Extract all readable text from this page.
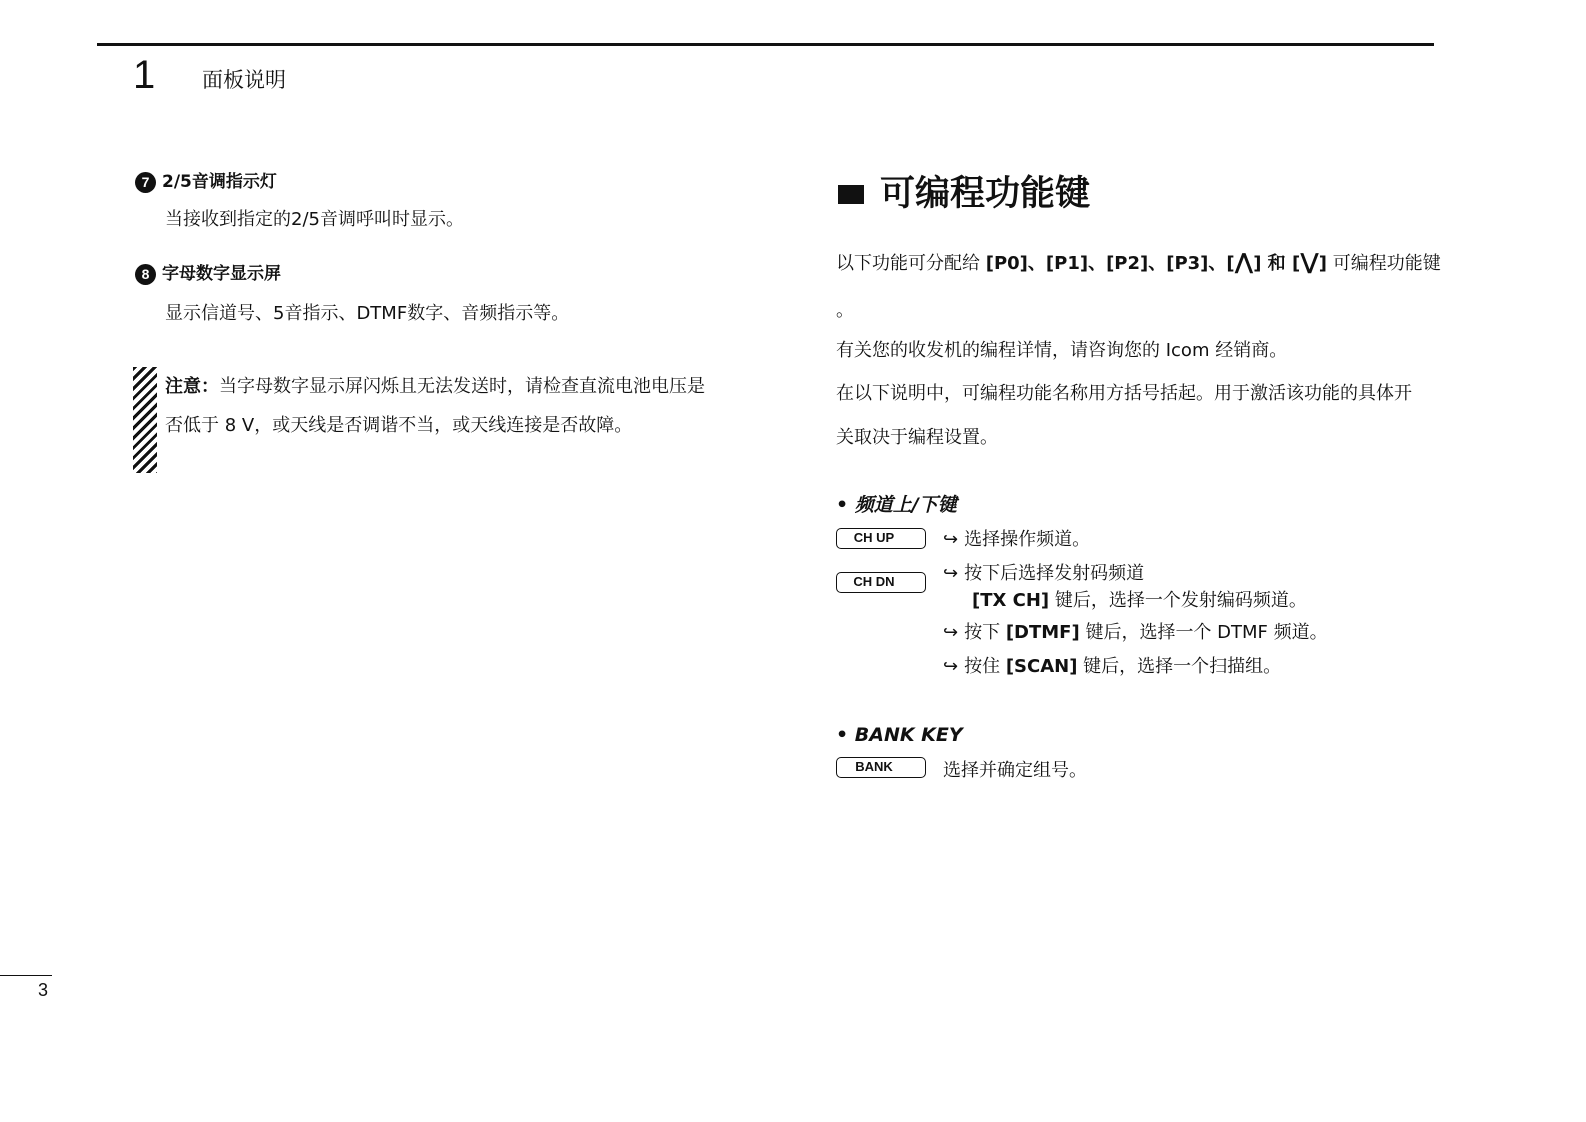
1 面板说明
7 2/5音调指示灯
当接收到指定的2/5音调呼叫时显示。
8 字母数字显示屏
显示信道号、5音指示、DTMF数字、音频指示等。
注意：当字母数字显示屏闪烁且无法发送时，请检查直流电池电压是
否低于 8 V，或天线是否调谐不当，或天线连接是否故障。
可编程功能键
以下功能可分配给 [P0]、[P1]、[P2]、[P3]、[⋀] 和 [⋁] 可编程功能键
。
有关您的收发机的编程详情，请咨询您的 Icom 经销商。
在以下说明中，可编程功能名称用方括号括起。用于激活该功能的具体开
关取决于编程设置。
• 频道上/下键
CH UP	↪ 选择操作频道。
CH DN	↪ 按下后选择发射码频道
[TX CH] 键后，选择一个发射编码频道。
↪ 按下 [DTMF] 键后，选择一个 DTMF 频道。
↪ 按住 [SCAN] 键后，选择一个扫描组。
• BANK KEY
BANK	选择并确定组号。
3
